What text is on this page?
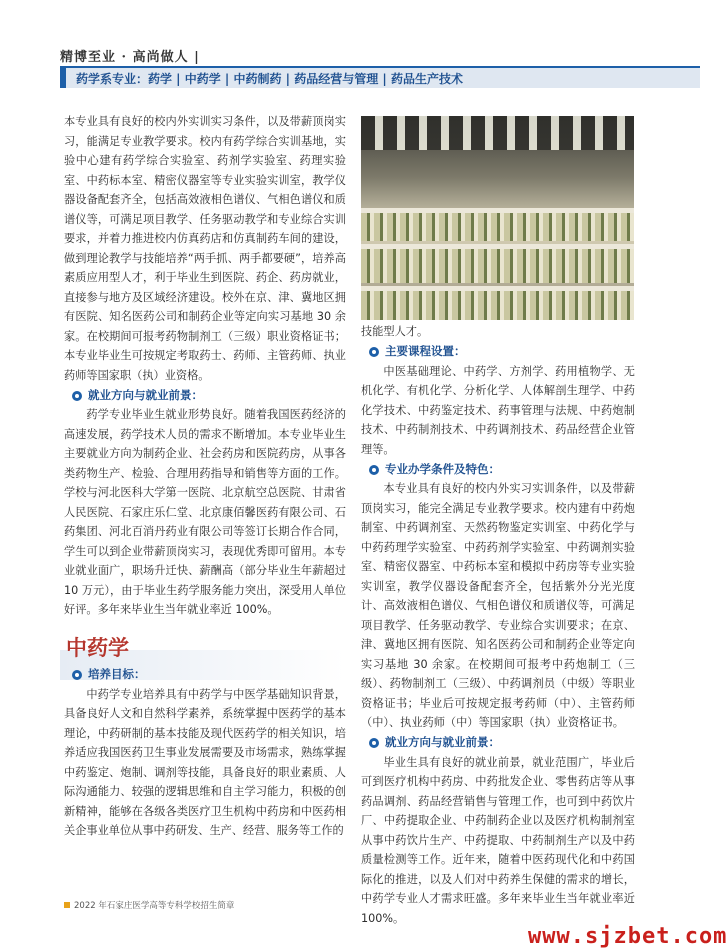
精博至业 · 高尚做人 |
药学系专业：药学 | 中药学 | 中药制药 | 药品经营与管理 | 药品生产技术

本专业具有良好的校内外实训实习条件，以及带薪顶岗实习，能满足专业教学要求。校内有药学综合实训基地，实验中心建有药学综合实验室、药剂学实验室、药理实验室、中药标本室、精密仪器室等专业实验实训室，教学仪器设备配套齐全，包括高效液相色谱仪、气相色谱仪和质谱仪等，可满足项目教学、任务驱动教学和专业综合实训要求，并着力推进校内仿真药店和仿真制药车间的建设，做到理论教学与技能培养“两手抓、两手都要硬”，培养高素质应用型人才，利于毕业生到医院、药企、药房就业，直接参与地方及区域经济建设。校外在京、津、冀地区拥有医院、知名医药公司和制药企业等定向实习基地 30 余家。在校期间可报考药物制剂工（三级）职业资格证书；本专业毕业生可按规定考取药士、药师、主管药师、执业药师等国家职（执）业资格。

就业方向与就业前景：

药学专业毕业生就业形势良好。随着我国医药经济的高速发展，药学技术人员的需求不断增加。本专业毕业生主要就业方向为制药企业、社会药房和医院药房，从事各类药物生产、检验、合理用药指导和销售等方面的工作。学校与河北医科大学第一医院、北京航空总医院、甘肃省人民医院、石家庄乐仁堂、北京康佰馨医药有限公司、石药集团、河北百消丹药业有限公司等签订长期合作合同，学生可以到企业带薪顶岗实习，表现优秀即可留用。本专业就业面广，职场升迁快、薪酬高（部分毕业生年薪超过 10 万元），由于毕业生药学服务能力突出，深受用人单位好评。多年来毕业生当年就业率近 100%。

中药学
培养目标：

中药学专业培养具有中药学与中医学基础知识背景，具备良好人文和自然科学素养，系统掌握中医药学的基本理论，中药研制的基本技能及现代医药学的相关知识，培养适应我国医药卫生事业发展需要及市场需求，熟练掌握中药鉴定、炮制、调剂等技能，具备良好的职业素质、人际沟通能力、较强的逻辑思维和自主学习能力，积极的创新精神，能够在各级各类医疗卫生机构中药房和中医药相关企事业单位从事中药研发、生产、经营、服务等工作的

技能型人才。

主要课程设置：

中医基础理论、中药学、方剂学、药用植物学、无机化学、有机化学、分析化学、人体解剖生理学、中药化学技术、中药鉴定技术、药事管理与法规、中药炮制技术、中药制剂技术、中药调剂技术、药品经营企业管理等。

专业办学条件及特色：

本专业具有良好的校内外实习实训条件，以及带薪顶岗实习，能完全满足专业教学要求。校内建有中药炮制室、中药调剂室、天然药物鉴定实训室、中药化学与中药药理学实验室、中药药剂学实验室、中药调剂实验室、精密仪器室、中药标本室和模拟中药房等专业实验实训室，教学仪器设备配套齐全，包括紫外分光光度计、高效液相色谱仪、气相色谱仪和质谱仪等，可满足项目教学、任务驱动教学、专业综合实训要求；在京、津、冀地区拥有医院、知名医药公司和制药企业等定向实习基地 30 余家。在校期间可报考中药炮制工（三级）、药物制剂工（三级）、中药调剂员（中级）等职业资格证书；毕业后可按规定报考药师（中）、主管药师（中）、执业药师（中）等国家职（执）业资格证书。

就业方向与就业前景：

毕业生具有良好的就业前景，就业范围广，毕业后可到医疗机构中药房、中药批发企业、零售药店等从事药品调剂、药品经营销售与管理工作，也可到中药饮片厂、中药提取企业、中药制药企业以及医疗机构制剂室从事中药饮片生产、中药提取、中药制剂生产以及中药质量检测等工作。近年来，随着中医药现代化和中药国际化的推进，以及人们对中药养生保健的需求的增长，中药学专业人才需求旺盛。多年来毕业生当年就业率近 100%。

2022 年石家庄医学高等专科学校招生简章
www.sjzbet.com
